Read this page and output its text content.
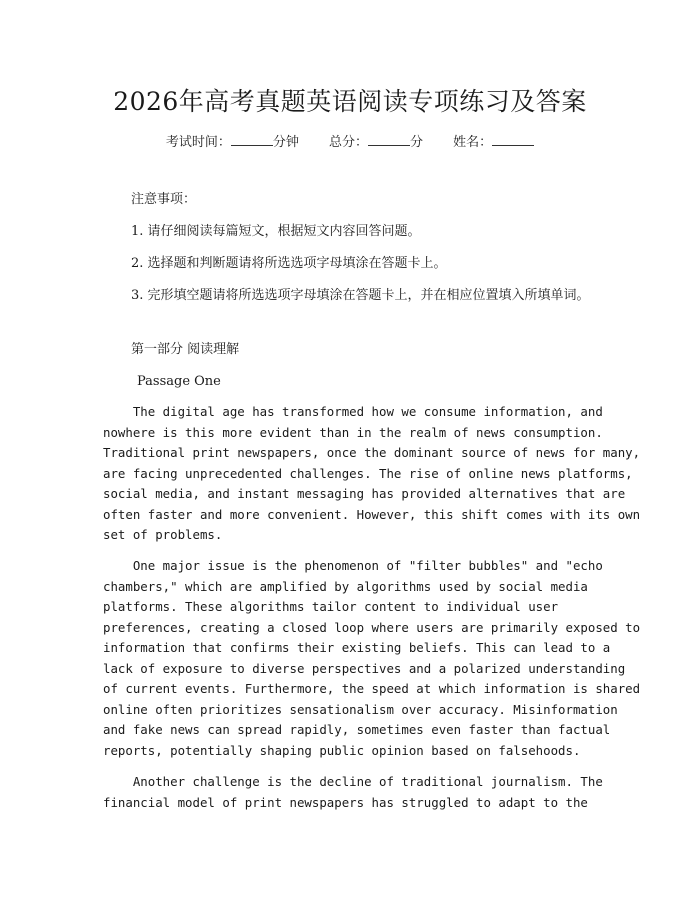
2026年高考真题英语阅读专项练习及答案
考试时间：	分钟 总分：	分 姓名：

注意事项：

1. 请仔细阅读每篇短文，根据短文内容回答问题。

2. 选择题和判断题请将所选选项字母填涂在答题卡上。

3. 完形填空题请将所选选项字母填涂在答题卡上，并在相应位置填入所填单词。

第一部分 阅读理解

Passage One

The digital age has transformed how we consume information, and
nowhere is this more evident than in the realm of news consumption.
Traditional print newspapers, once the dominant source of news for many,
are facing unprecedented challenges. The rise of online news platforms,
social media, and instant messaging has provided alternatives that are
often faster and more convenient. However, this shift comes with its own
set of problems.

One major issue is the phenomenon of "filter bubbles" and "echo
chambers," which are amplified by algorithms used by social media
platforms. These algorithms tailor content to individual user
preferences, creating a closed loop where users are primarily exposed to
information that confirms their existing beliefs. This can lead to a
lack of exposure to diverse perspectives and a polarized understanding
of current events. Furthermore, the speed at which information is shared
online often prioritizes sensationalism over accuracy. Misinformation
and fake news can spread rapidly, sometimes even faster than factual
reports, potentially shaping public opinion based on falsehoods.

Another challenge is the decline of traditional journalism. The
financial model of print newspapers has struggled to adapt to the
